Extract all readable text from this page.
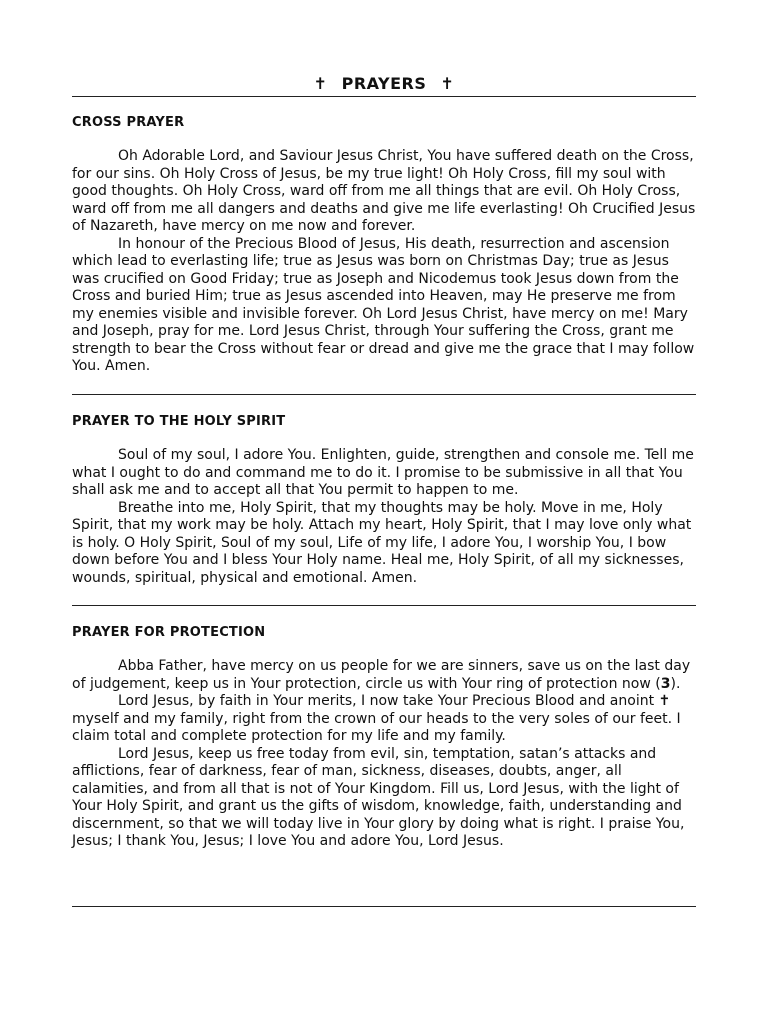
✝ PRAYERS ✝
CROSS PRAYER

Oh Adorable Lord, and Saviour Jesus Christ, You have suffered death on the Cross, for our sins. Oh Holy Cross of Jesus, be my true light! Oh Holy Cross, fill my soul with good thoughts. Oh Holy Cross, ward off from me all things that are evil. Oh Holy Cross, ward off from me all dangers and deaths and give me life everlasting! Oh Crucified Jesus of Nazareth, have mercy on me now and forever.

In honour of the Precious Blood of Jesus, His death, resurrection and ascension which lead to everlasting life; true as Jesus was born on Christmas Day; true as Jesus was crucified on Good Friday; true as Joseph and Nicodemus took Jesus down from the Cross and buried Him; true as Jesus ascended into Heaven, may He preserve me from my enemies visible and invisible forever. Oh Lord Jesus Christ, have mercy on me! Mary and Joseph, pray for me. Lord Jesus Christ, through Your suffering the Cross, grant me strength to bear the Cross without fear or dread and give me the grace that I may follow You. Amen.

PRAYER TO THE HOLY SPIRIT

Soul of my soul, I adore You. Enlighten, guide, strengthen and console me. Tell me what I ought to do and command me to do it. I promise to be submissive in all that You shall ask me and to accept all that You permit to happen to me.

Breathe into me, Holy Spirit, that my thoughts may be holy. Move in me, Holy Spirit, that my work may be holy. Attach my heart, Holy Spirit, that I may love only what is holy. O Holy Spirit, Soul of my soul, Life of my life, I adore You, I worship You, I bow down before You and I bless Your Holy name. Heal me, Holy Spirit, of all my sicknesses, wounds, spiritual, physical and emotional. Amen.

PRAYER FOR PROTECTION

Abba Father, have mercy on us people for we are sinners, save us on the last day of judgement, keep us in Your protection, circle us with Your ring of protection now (3).

Lord Jesus, by faith in Your merits, I now take Your Precious Blood and anoint ✝ myself and my family, right from the crown of our heads to the very soles of our feet. I claim total and complete protection for my life and my family.

Lord Jesus, keep us free today from evil, sin, temptation, satan’s attacks and afflictions, fear of darkness, fear of man, sickness, diseases, doubts, anger, all calamities, and from all that is not of Your Kingdom. Fill us, Lord Jesus, with the light of Your Holy Spirit, and grant us the gifts of wisdom, knowledge, faith, understanding and discernment, so that we will today live in Your glory by doing what is right. I praise You, Jesus; I thank You, Jesus; I love You and adore You, Lord Jesus.
